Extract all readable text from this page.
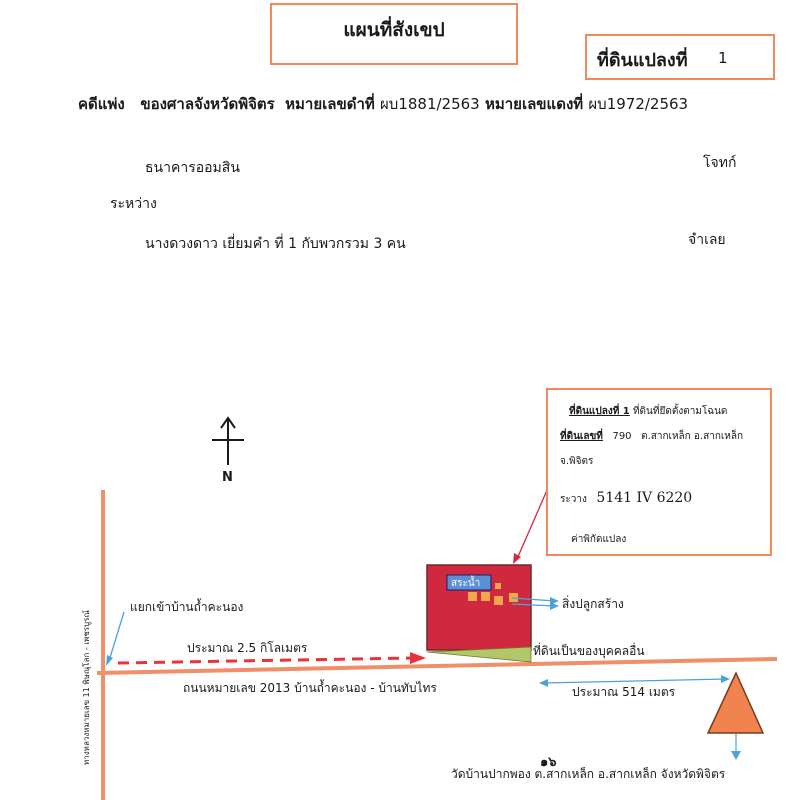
แผนที่สังเขป
ที่ดินแปลงที่ 1
คดีแพ่ง ของศาลจังหวัดพิจิตร หมายเลขดำที่ ผบ1881/2563 หมายเลขแดงที่ ผบ1972/2563
ธนาคารออมสิน	โจทก์
ระหว่าง
นางดวงดาว เยี่ยมคำ ที่ 1 กับพวกรวม 3 คน	จำเลย
N
ทางหลวงหมายเลข 11 พิษณุโลก - เพชรบูรณ์
สระน้ำ
สิ่งปลูกสร้าง
ที่ดินเป็นของบุคคลอื่น
แยกเข้าบ้านถ้ำคะนอง
ประมาณ 2.5 กิโลเมตร
ถนนหมายเลข 2013 บ้านถ้ำคะนอง - บ้านทับไทร	ประมาณ 514 เมตร
๑๖
วัดบ้านปากพอง ต.สากเหล็ก อ.สากเหล็ก จังหวัดพิจิตร
ที่ดินแปลงที่ 1 ที่ดินที่ยึดตั้งตามโฉนด
ที่ดินเลขที่ 790 ต.สากเหล็ก อ.สากเหล็ก
จ.พิจิตร
ระวาง 5141 IV 6220
ค่าพิกัดแปลง
